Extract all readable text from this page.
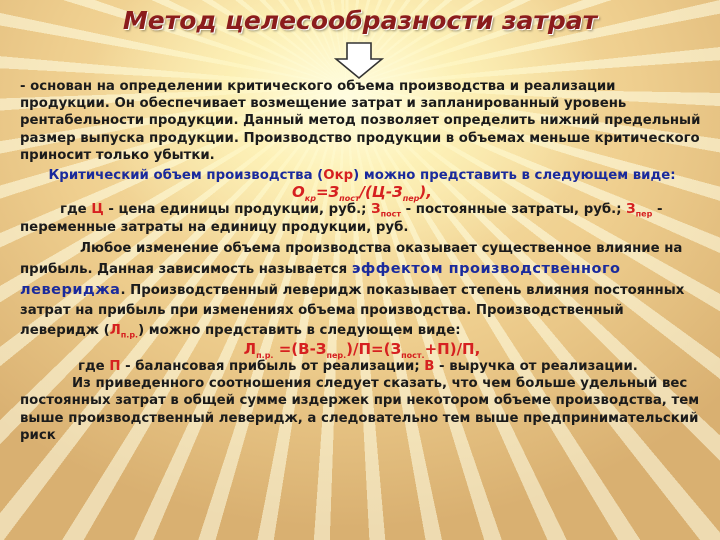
Метод целесообразности затрат

- основан на определении критического объема производства и реализации продукции. Он обеспечивает возмещение затрат и запланированный уровень рентабельности продукции. Данный метод позволяет определить нижний предельный размер выпуска продукции. Производство продукции в объемах меньше критического приносит только убытки.

Критический объем производства (Окр) можно представить в следующем виде:

$О_{кр}=З_{пост}/(Ц-З_{пер})$,

где Ц - цена единицы продукции, руб.; $З_{пост}$ - постоянные затраты, руб.; $З_{пер}$ - переменные затраты на единицу продукции, руб.

Любое изменение объема производства оказывает существенное влияние на прибыль. Данная зависимость называется эффектом производственного левериджа. Производственный леверидж показывает степень влияния постоянных затрат на прибыль при изменениях объема производства. Производственный леверидж $(Л_{п.р.})$ можно представить в следующем виде:

$Л_{п.р.} =(В-З_{пер.})/П=(З_{пост.}+П)/П$,

где П - балансовая прибыль от реализации; В - выручка от реализации.

Из приведенного соотношения следует сказать, что чем больше удельный вес постоянных затрат в общей сумме издержек при некотором объеме производства, тем выше производственный леверидж, а следовательно тем выше предпринимательский риск
